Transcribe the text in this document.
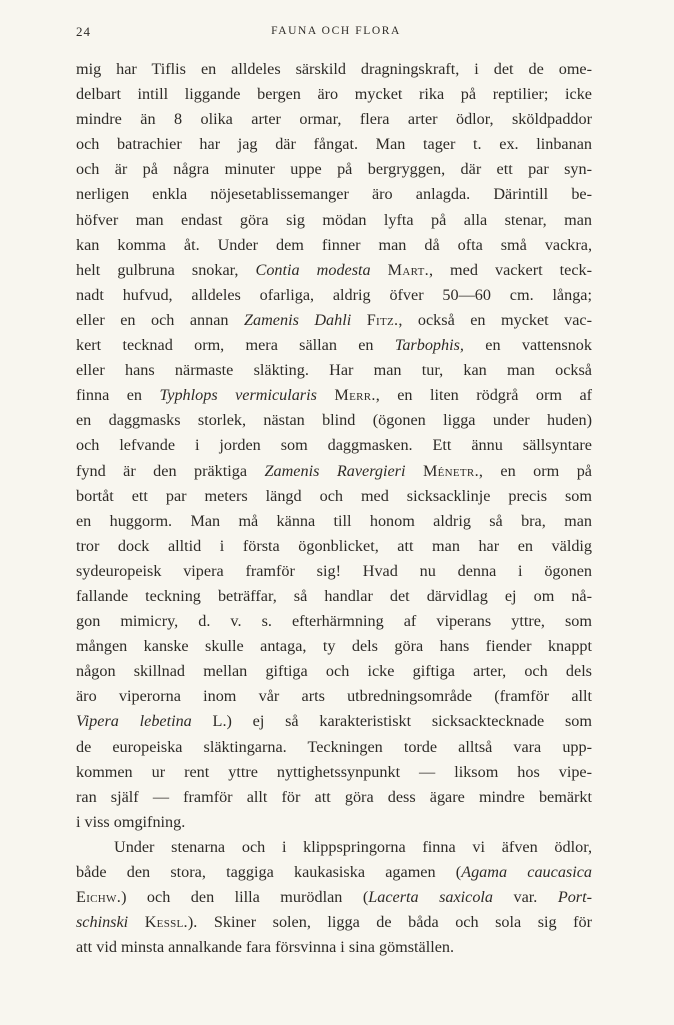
24	FAUNA OCH FLORA
mig har Tiflis en alldeles särskild dragningskraft, i det de ome-
delbart intill liggande bergen äro mycket rika på reptilier; icke
mindre än 8 olika arter ormar, flera arter ödlor, sköldpaddor
och batrachier har jag där fångat. Man tager t. ex. linbanan
och är på några minuter uppe på bergryggen, där ett par syn-
nerligen enkla nöjesetablissemanger äro anlagda. Därintill be-
höfver man endast göra sig mödan lyfta på alla stenar, man
kan komma åt. Under dem finner man då ofta små vackra,
helt gulbruna snokar, Contia modesta Mart., med vackert teck-
nadt hufvud, alldeles ofarliga, aldrig öfver 50—60 cm. långa;
eller en och annan Zamenis Dahli Fitz., också en mycket vac-
kert tecknad orm, mera sällan en Tarbophis, en vattensnok
eller hans närmaste släkting. Har man tur, kan man också
finna en Typhlops vermicularis Merr., en liten rödgrå orm af
en daggmasks storlek, nästan blind (ögonen ligga under huden)
och lefvande i jorden som daggmasken. Ett ännu sällsyntare
fynd är den präktiga Zamenis Ravergieri Ménetr., en orm på
bortåt ett par meters längd och med sicksacklinje precis som
en huggorm. Man må känna till honom aldrig så bra, man
tror dock alltid i första ögonblicket, att man har en väldig
sydeuropeisk vipera framför sig! Hvad nu denna i ögonen
fallande teckning beträffar, så handlar det därvidlag ej om nå-
gon mimicry, d. v. s. efterhärmning af viperans yttre, som
mången kanske skulle antaga, ty dels göra hans fiender knappt
någon skillnad mellan giftiga och icke giftiga arter, och dels
äro viperorna inom vår arts utbredningsområde (framför allt
Vipera lebetina L.) ej så karakteristiskt sicksacktecknade som
de europeiska släktingarna. Teckningen torde alltså vara upp-
kommen ur rent yttre nyttighetssynpunkt — liksom hos vipe-
ran själf — framför allt för att göra dess ägare mindre bemärkt
i viss omgifning.
Under stenarna och i klippspringorna finna vi äfven ödlor,
både den stora, taggiga kaukasiska agamen (Agama caucasica
Eichw.) och den lilla murödlan (Lacerta saxicola var. Port-
schinski Kessl.). Skiner solen, ligga de båda och sola sig för
att vid minsta annalkande fara försvinna i sina gömställen.
